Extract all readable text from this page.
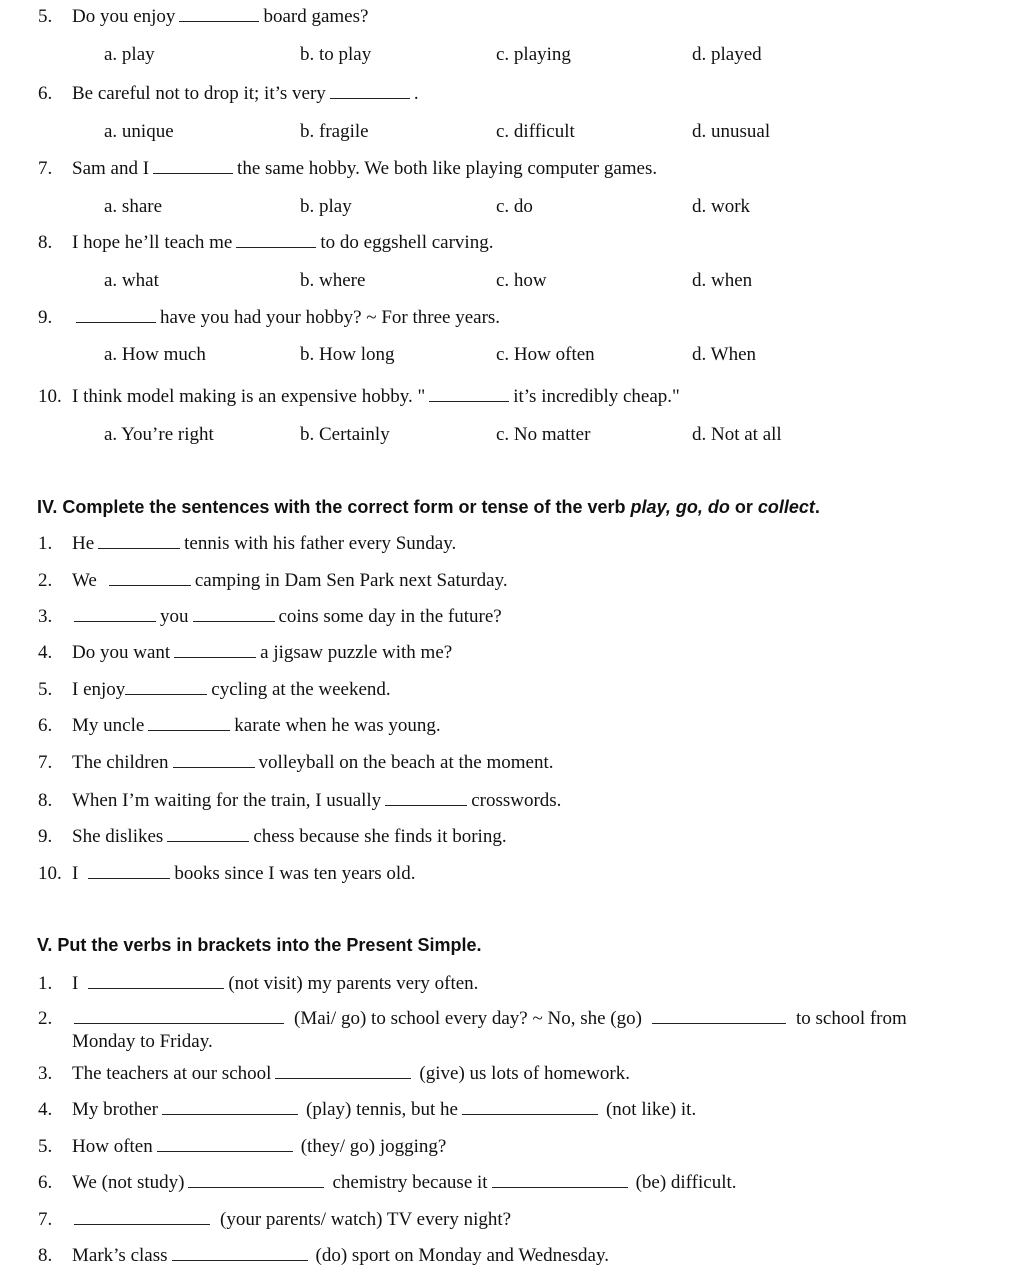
5. Do you enjoy	board games?
a. play	b. to play	c. playing	d. played
6. Be careful not to drop it; it’s very	.
a. unique	b. fragile	c. difficult	d. unusual
7. Sam and I	the same hobby. We both like playing computer games.
a. share	b. play	c. do	d. work
8. I hope he’ll teach me	to do eggshell carving.
a. what	b. where	c. how	d. when
9.	have you had your hobby? ~ For three years.
a. How much	b. How long	c. How often	d. When
10. I think model making is an expensive hobby. "	it’s incredibly cheap."
a. You’re right	b. Certainly	c. No matter	d. Not at all
IV. Complete the sentences with the correct form or tense of the verb play, go, do or collect.
1. He	tennis with his father every Sunday.
2. We	camping in Dam Sen Park next Saturday.
3.	you	coins some day in the future?
4. Do you want	a jigsaw puzzle with me?
5. I enjoy	cycling at the weekend.
6. My uncle	karate when he was young.
7. The children	volleyball on the beach at the moment.
8. When I’m waiting for the train, I usually	crosswords.
9. She dislikes	chess because she finds it boring.
10. I	books since I was ten years old.
V. Put the verbs in brackets into the Present Simple.
1. I	(not visit) my parents very often.
2.	(Mai/ go) to school every day? ~ No, she (go)	to school from
Monday to Friday.
3. The teachers at our school	(give) us lots of homework.
4. My brother	(play) tennis, but he	(not like) it.
5. How often	(they/ go) jogging?
6. We (not study)	chemistry because it	(be) difficult.
7.	(your parents/ watch) TV every night?
8. Mark’s class	(do) sport on Monday and Wednesday.
